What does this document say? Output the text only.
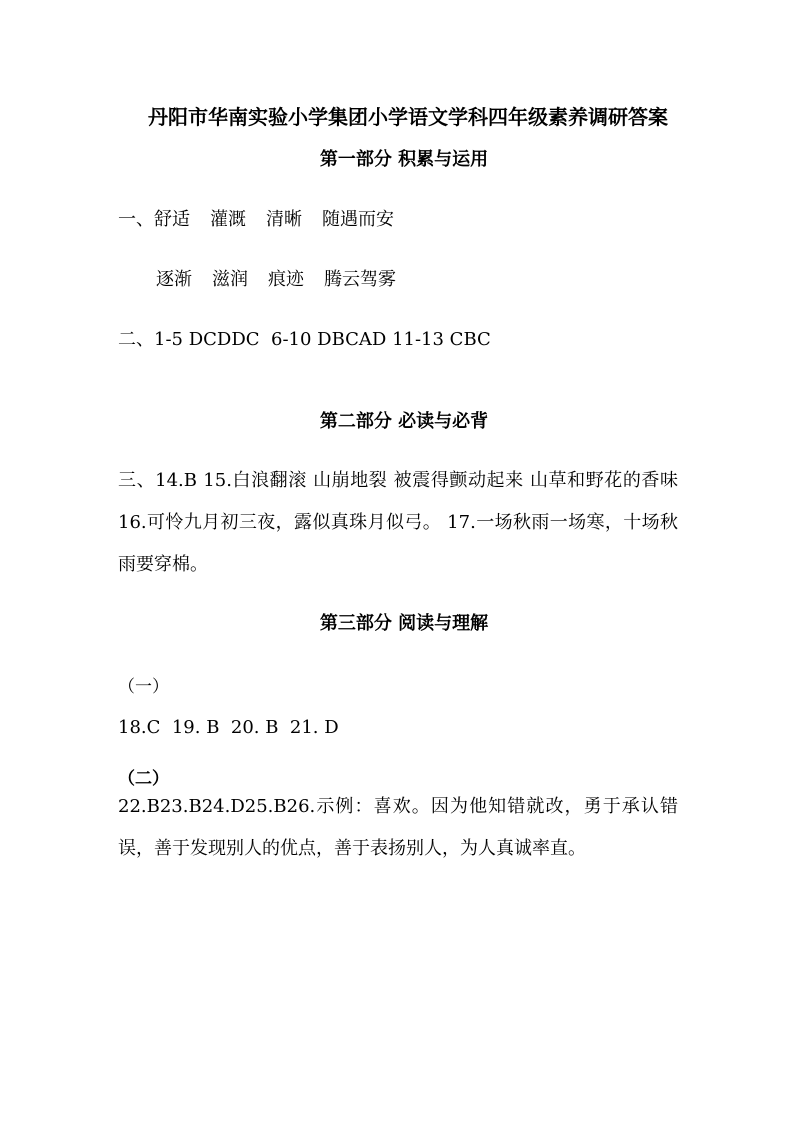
丹阳市华南实验小学集团小学语文学科四年级素养调研答案
第一部分 积累与运用
一、舒适 灌溉 清晰 随遇而安
逐渐 滋润 痕迹 腾云驾雾
二、1-5 DCDDC  6-10 DBCAD 11-13 CBC
第二部分 必读与必背
三、14.B 15.白浪翻滚 山崩地裂 被震得颤动起来 山草和野花的香味 16.可怜九月初三夜，露似真珠月似弓。 17.一场秋雨一场寒，十场秋雨要穿棉。
第三部分 阅读与理解
（一）
18.C  19. B  20. B  21. D
（二）
22.B23.B24.D25.B26.示例：喜欢。因为他知错就改，勇于承认错误，善于发现别人的优点，善于表扬别人，为人真诚率直。
